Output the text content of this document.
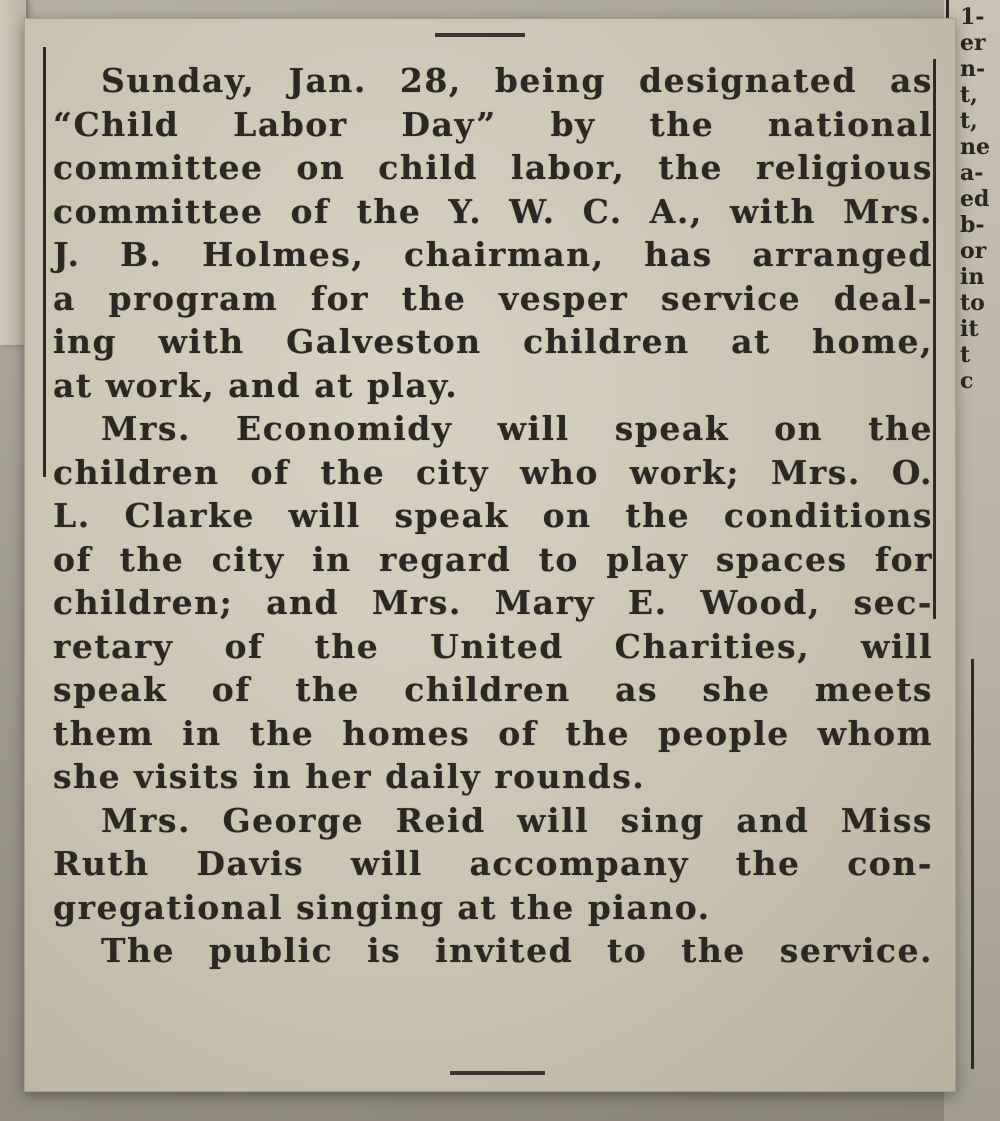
1-
er
n-
t,
t,
ne
a-
ed
b-
or
in
to
it
t
c
Sunday, Jan. 28, being designated as
“Child Labor Day” by the national
committee on child labor, the religious
committee of the Y. W. C. A., with Mrs.
J. B. Holmes, chairman, has arranged
a program for the vesper service deal-
ing with Galveston children at home,
at work, and at play.
Mrs. Economidy will speak on the
children of the city who work; Mrs. O.
L. Clarke will speak on the conditions
of the city in regard to play spaces for
children; and Mrs. Mary E. Wood, sec-
retary of the United Charities, will
speak of the children as she meets
them in the homes of the people whom
she visits in her daily rounds.
Mrs. George Reid will sing and Miss
Ruth Davis will accompany the con-
gregational singing at the piano.
The public is invited to the service.
